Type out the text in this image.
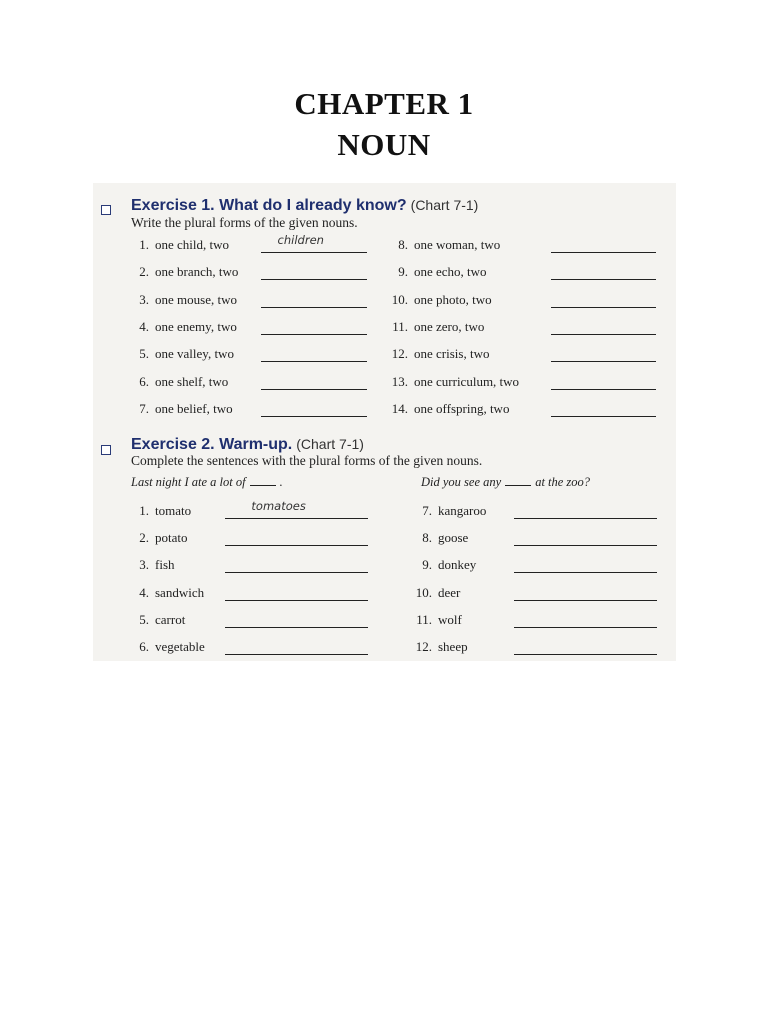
CHAPTER 1
NOUN
Exercise 1. What do I already know? (Chart 7-1)
Write the plural forms of the given nouns.
1. one child, two	children
2. one branch, two
3. one mouse, two
4. one enemy, two
5. one valley, two
6. one shelf, two
7. one belief, two
8. one woman, two
9. one echo, two
10. one photo, two
11. one zero, two
12. one crisis, two
13. one curriculum, two
14. one offspring, two
Exercise 2. Warm-up. (Chart 7-1)
Complete the sentences with the plural forms of the given nouns.
Last night I ate a lot of	.	Did you see any	at the zoo?
1. tomato	tomatoes
2. potato
3. fish
4. sandwich
5. carrot
6. vegetable
7. kangaroo
8. goose
9. donkey
10. deer
11. wolf
12. sheep
